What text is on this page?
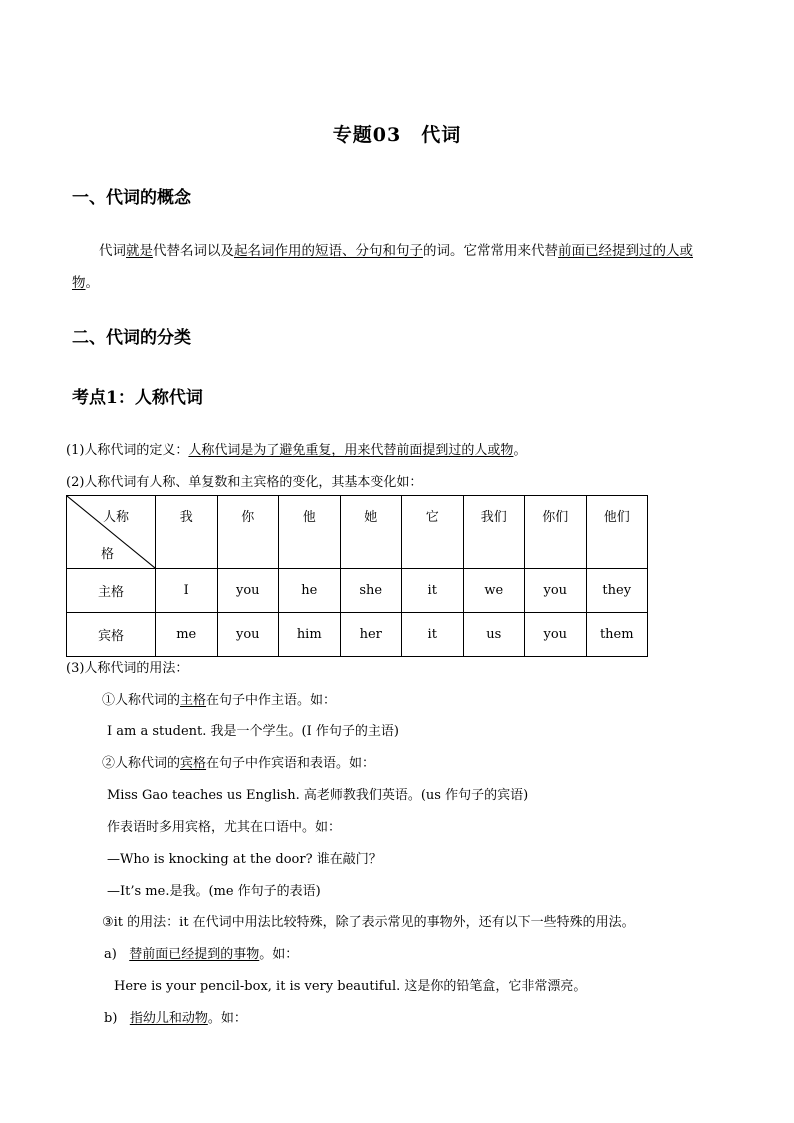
专题03　代词
一、代词的概念
代词就是代替名词以及起名词作用的短语、分句和句子的词。它常常用来代替前面已经提到过的人或
物。
二、代词的分类
考点1：人称代词
(1)人称代词的定义：人称代词是为了避免重复，用来代替前面提到过的人或物。
(2)人称代词有人称、单复数和主宾格的变化，其基本变化如：
人称
格	我	你	他	她	它	我们	你们	他们
主格	I	you	he	she	it	we	you	they
宾格	me	you	him	her	it	us	you	them
(3)人称代词的用法：
①人称代词的主格在句子中作主语。如：
I am a student. 我是一个学生。(I 作句子的主语)
②人称代词的宾格在句子中作宾语和表语。如：
Miss Gao teaches us English. 高老师教我们英语。(us 作句子的宾语)
作表语时多用宾格，尤其在口语中。如：
—Who is knocking at the door? 谁在敲门？
—It’s me.是我。(me 作句子的表语)
③it 的用法：it 在代词中用法比较特殊，除了表示常见的事物外，还有以下一些特殊的用法。
a) 替前面已经提到的事物。如：
Here is your pencil-box, it is very beautiful. 这是你的铅笔盒，它非常漂亮。
b) 指幼儿和动物。如：
